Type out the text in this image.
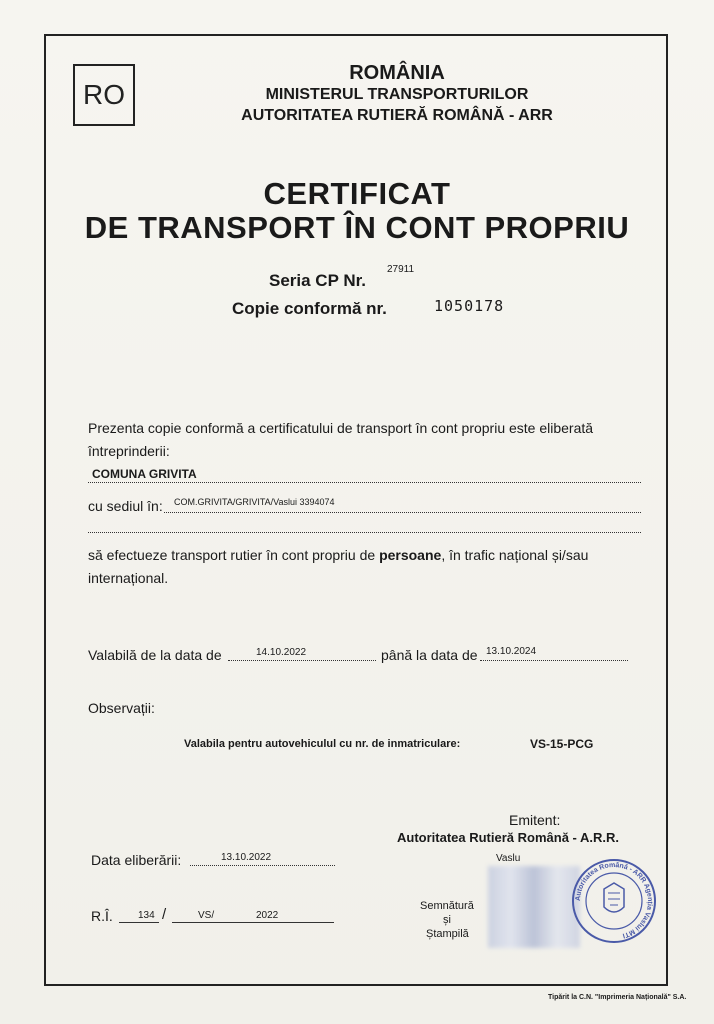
RO
ROMÂNIA
MINISTERUL TRANSPORTURILOR
AUTORITATEA RUTIERĂ ROMÂNĂ - ARR
CERTIFICAT
DE TRANSPORT ÎN CONT PROPRIU
Seria CP Nr.
27911
Copie conformă nr.	1050178
Prezenta copie conformă a certificatului de transport în cont propriu este eliberată
întreprinderii:
COMUNA GRIVITA
cu sediul în: COM.GRIVITA/GRIVITA/Vaslui 3394074
să efectueze transport rutier în cont propriu de persoane, în trafic național și/sau
internațional.
Valabilă de la data de	14.10.2022	până la data de 13.10.2024
Observații:
Valabila pentru autovehiculul cu nr. de inmatriculare:	VS-15-PCG
Emitent:
Autoritatea Rutieră Română - A.R.R.
Vaslu
Data eliberării:	13.10.2022
R.Î.	134 /	VS/	2022
Semnătură
și
Ștampilă
Autoritatea Română - ARR Agenția Vaslui MTI
Tipărit la C.N. "Imprimeria Națională" S.A.
